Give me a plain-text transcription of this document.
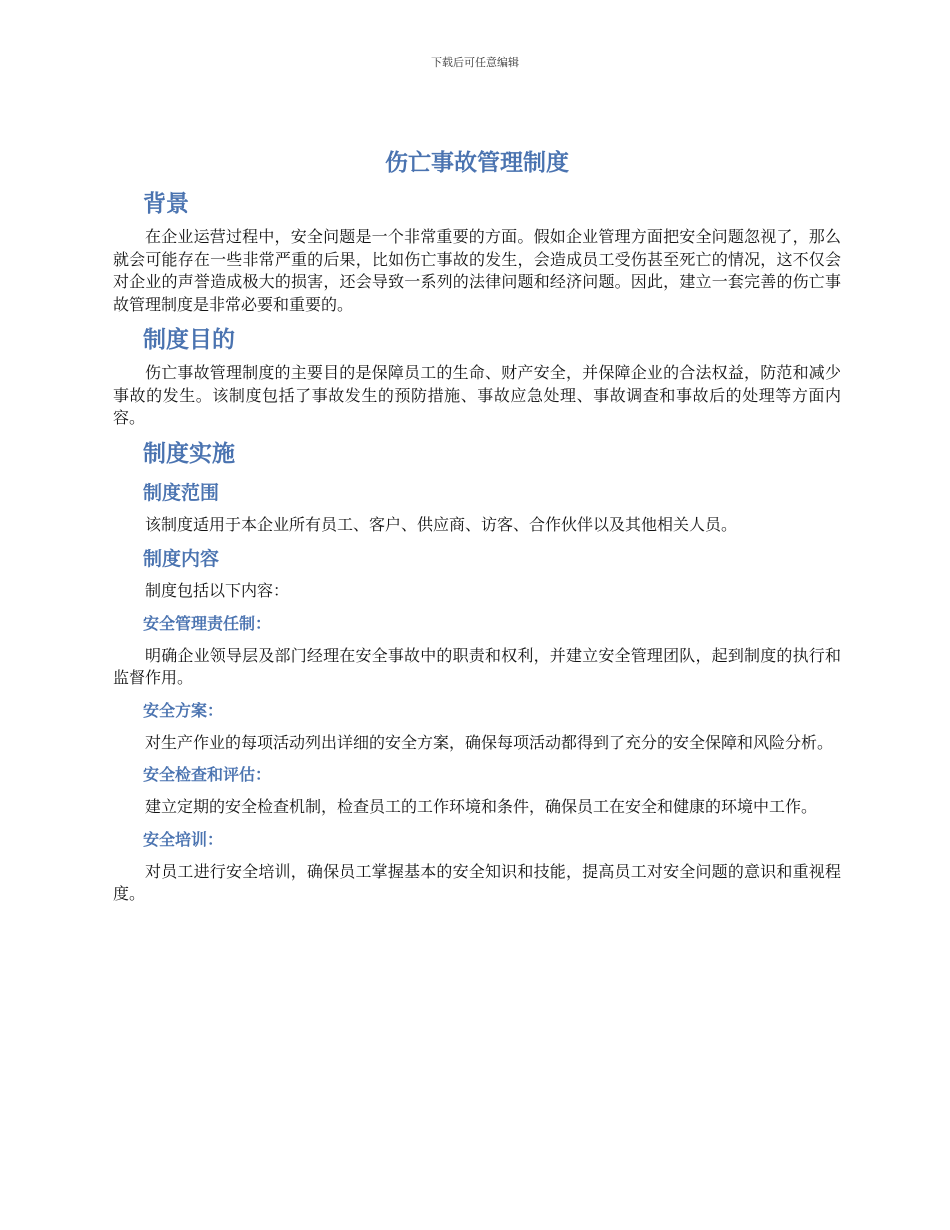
下载后可任意编辑
伤亡事故管理制度
背景

在企业运营过程中，安全问题是一个非常重要的方面。假如企业管理方面把安全问题忽视了，那么就会可能存在一些非常严重的后果，比如伤亡事故的发生，会造成员工受伤甚至死亡的情况，这不仅会对企业的声誉造成极大的损害，还会导致一系列的法律问题和经济问题。因此，建立一套完善的伤亡事故管理制度是非常必要和重要的。

制度目的

伤亡事故管理制度的主要目的是保障员工的生命、财产安全，并保障企业的合法权益，防范和减少事故的发生。该制度包括了事故发生的预防措施、事故应急处理、事故调查和事故后的处理等方面内容。

制度实施
制度范围

该制度适用于本企业所有员工、客户、供应商、访客、合作伙伴以及其他相关人员。

制度内容

制度包括以下内容：

安全管理责任制：

明确企业领导层及部门经理在安全事故中的职责和权利，并建立安全管理团队，起到制度的执行和监督作用。

安全方案：

对生产作业的每项活动列出详细的安全方案，确保每项活动都得到了充分的安全保障和风险分析。

安全检查和评估：

建立定期的安全检查机制，检查员工的工作环境和条件，确保员工在安全和健康的环境中工作。

安全培训：

对员工进行安全培训，确保员工掌握基本的安全知识和技能，提高员工对安全问题的意识和重视程度。
